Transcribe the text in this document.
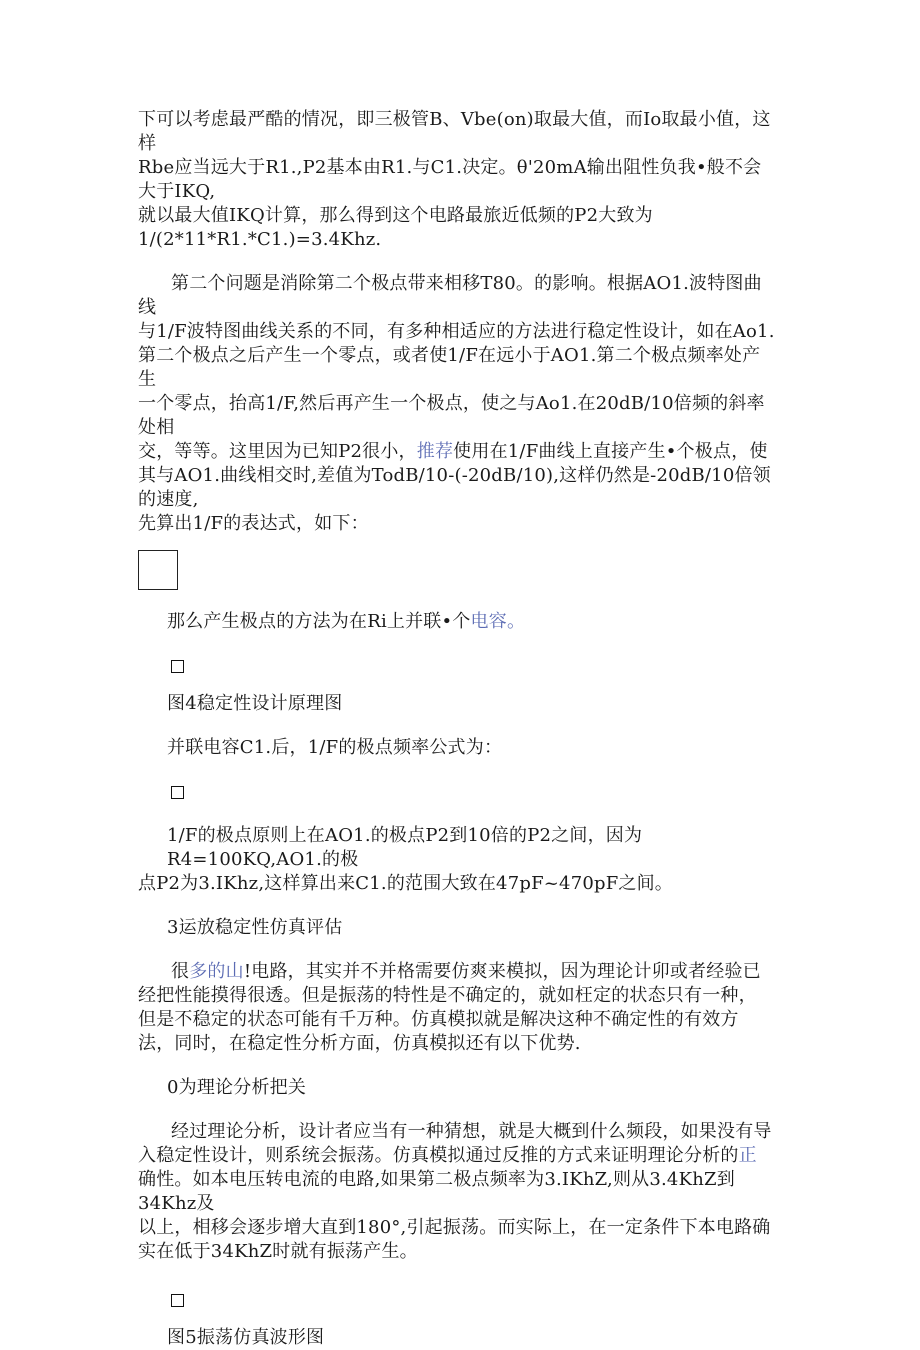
下可以考虑最严酷的情况，即三极管B、Vbe(on)取最大值，而Io取最小值，这样

Rbe应当远大于R1.,P2基本由R1.与C1.决定。θ'20mA输出阻性负我•般不会大于IKQ,

就以最大值IKQ计算，那么得到这个电路最旅近低频的P2大致为

1/(2*11*R1.*C1.)=3.4Khz.

第二个问题是消除第二个极点带来相移T80。的影响。根据AO1.波特图曲线

与1/F波特图曲线关系的不同，有多种相适应的方法进行稳定性设计，如在Ao1.

第二个极点之后产生一个零点，或者使1/F在远小于AO1.第二个极点频率处产生

一个零点，抬高1/F,然后再产生一个极点，使之与Ao1.在20dB/10倍频的斜率处相

交，等等。这里因为已知P2很小，推荐使用在1/F曲线上直接产生•个极点，使

其与AO1.曲线相交时,差值为TodB/10-(-20dB/10),这样仍然是-20dB/10倍领的速度,

先算出1/F的表达式，如下：

那么产生极点的方法为在Ri上并联•个电容。

图4稳定性设计原理图

并联电容C1.后，1/F的极点频率公式为：

1/F的极点原则上在AO1.的极点P2到10倍的P2之间，因为R4=100KQ,AO1.的极

点P2为3.IKhz,这样算出来C1.的范围大致在47pF~470pF之间。

3运放稳定性仿真评估

很多的山!电路，其实并不并格需要仿爽来模拟，因为理论计卯或者经验已

经把性能摸得很透。但是振荡的特性是不确定的，就如枉定的状态只有一种，

但是不稳定的状态可能有千万种。仿真模拟就是解决这种不确定性的有效方

法，同时，在稳定性分析方面，仿真模拟还有以下优势.

0为理论分析把关

经过理论分析，设计者应当有一种猜想，就是大概到什么频段，如果没有导

入稳定性设计，则系统会振荡。仿真模拟通过反推的方式来证明理论分析的正

确性。如本电压转电流的电路,如果第二极点频率为3.IKhZ,则从3.4KhZ到34Khz及

以上，相移会逐步增大直到180°,引起振荡。而实际上，在一定条件下本电路确

实在低于34KhZ时就有振荡产生。

图5振荡仿真波形图
